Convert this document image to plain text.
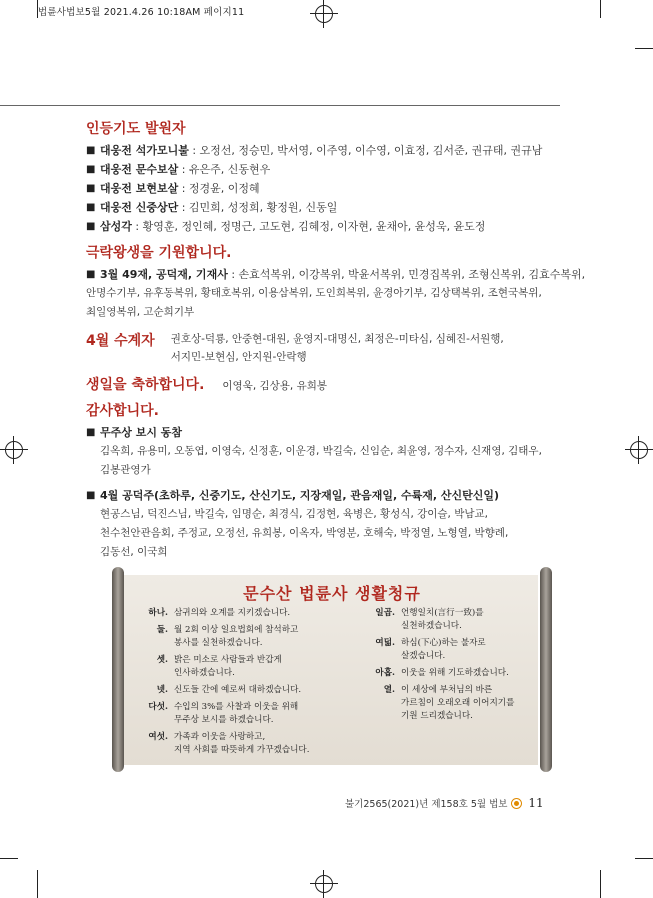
법륜사법보5월 2021.4.26 10:18AM 페이지11
인등기도 발원자
■ 대웅전 석가모니불 : 오정선, 정승민, 박서영, 이주영, 이수영, 이효정, 김서준, 권규태, 권규남
■ 대웅전 문수보살 : 유은주, 신동현우
■ 대웅전 보현보살 : 정경윤, 이정혜
■ 대웅전 신중상단 : 김민희, 성정희, 황정원, 신동일
■ 삼성각 : 황영훈, 정인혜, 정명근, 고도현, 김혜정, 이자현, 윤채아, 윤성욱, 윤도정
극락왕생을 기원합니다.
■ 3월 49재, 공덕재, 기재사 : 손효석복위, 이강복위, 박윤서복위, 민경집복위, 조형신복위, 김효수복위,
안명수기부, 유후동복위, 황태호복위, 이용삼복위, 도인희복위, 윤경아기부, 김상택복위, 조현국복위,
최일영복위, 고순희기부
4월 수계자 권호상-덕룡, 안중현-대원, 윤영지-대명신, 최정은-미타심, 심혜진-서원행,
서지민-보현심, 안지원-안락행
생일을 축하합니다. 이영욱, 김상용, 유희봉
감사합니다.
■ 무주상 보시 동참
김옥희, 유용미, 오동엽, 이영숙, 신정훈, 이운경, 박길숙, 신임순, 최윤영, 정수자, 신재영, 김태우,
김봉관영가
■ 4월 공덕주(초하루, 신중기도, 산신기도, 지장재일, 관음재일, 수륙재, 산신탄신일)
현공스님, 덕진스님, 박길숙, 임명순, 최경식, 김정현, 육병은, 황성식, 강이슬, 박남교,
천수천안관음회, 주정교, 오정선, 유희봉, 이옥자, 박영분, 호해숙, 박정열, 노형열, 박향례,
김동선, 이국희
문수산 법륜사 생활청규
하나. 삼귀의와 오계를 지키겠습니다.
둘. 월 2회 이상 일요법회에 참석하고
봉사를 실천하겠습니다.
셋. 밝은 미소로 사람들과 반갑게
인사하겠습니다.
넷. 신도들 간에 예로써 대하겠습니다.
다섯. 수입의 3%를 사찰과 이웃을 위해
무주상 보시를 하겠습니다.
여섯. 가족과 이웃을 사랑하고,
지역 사회를 따뜻하게 가꾸겠습니다.
일곱. 언행일치(言行一致)를
실천하겠습니다.
여덟. 하심(下心)하는 불자로
살겠습니다.
아홉. 이웃을 위해 기도하겠습니다.
열. 이 세상에 부처님의 바른
가르침이 오래오래 이어지기를
기원 드리겠습니다.
불기2565(2021)년 제158호 5월 법보 11
